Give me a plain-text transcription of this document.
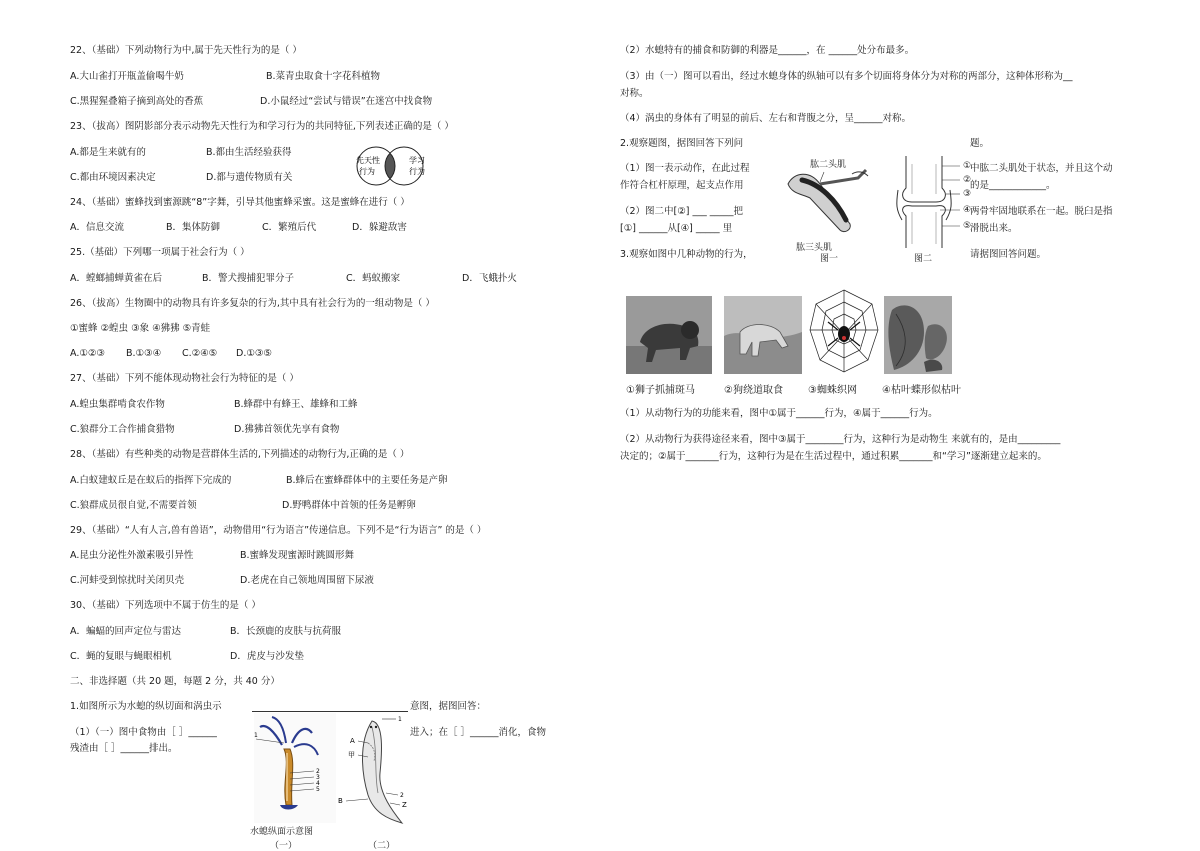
22、（基础）下列动物行为中,属于先天性行为的是（ ）
A.大山雀打开瓶盖偷喝牛奶	B.菜青虫取食十字花科植物
C.黑猩猩叠箱子摘到高处的香蕉	D.小鼠经过“尝试与错误”在迷宫中找食物
23、（拔高）图阴影部分表示动物先天性行为和学习行为的共同特征,下列表述正确的是（ ）
A.都是生来就有的	B.都由生活经验获得
C.都由环境因素决定	D.都与遗传物质有关
先天性
行为
学习
行为
24、（基础）蜜蜂找到蜜源跳“8”字舞，引导其他蜜蜂采蜜。这是蜜蜂在进行（ ）
A．信息交流	B．集体防御	C．繁殖后代	D．躲避敌害
25.（基础）下列哪一项属于社会行为（ ）
A．螳螂捕蝉黄雀在后	B．警犬搜捕犯罪分子	C．蚂蚁搬家	D．飞蛾扑火
26、（拔高）生物圈中的动物具有许多复杂的行为,其中具有社会行为的一组动物是（ ）
①蜜蜂 ②蝗虫 ③象 ④狒狒 ⑤青蛙
A.①②③ B.①③④ C.②④⑤ D.①③⑤
27、（基础）下列不能体现动物社会行为特征的是（ ）
A.蝗虫集群啃食农作物	B.蜂群中有蜂王、雄蜂和工蜂
C.狼群分工合作捕食猎物	D.狒狒首领优先享有食物
28、（基础）有些种类的动物是营群体生活的,下列描述的动物行为,正确的是（ ）
A.白蚁建蚁丘是在蚁后的指挥下完成的	B.蜂后在蜜蜂群体中的主要任务是产卵
C.狼群成员很自觉,不需要首领	D.野鸭群体中首领的任务是孵卵
29、（基础）“人有人言,兽有兽语”，动物借用“行为语言”传递信息。下列不是“行为语言” 的是（ ）
A.昆虫分泌性外激素吸引异性	B.蜜蜂发现蜜源时跳圆形舞
C.河蚌受到惊扰时关闭贝壳	D.老虎在自己领地周围留下尿液
30、（基础）下列选项中不属于仿生的是（ ）
A．蝙蝠的回声定位与雷达	B．长颈鹿的皮肤与抗荷服
C．蝇的复眼与蝇眼相机	D．虎皮与沙发垫
二、非选择题（共 20 题，每题 2 分，共 40 分）
1.如图所示为水螅的纵切面和涡虫示	意图，据图回答：
（1）（一）图中食物由［ ］______	进入；在［ ］______消化，食物
残渣由［ ］______排出。
1
2
3
4
5
水螅纵面示意图
（一）
A
甲
B
1
2
Z
（二）
（2）水螅特有的捕食和防御的利器是______，在 ______处分布最多。
（3）由（一）图可以看出，经过水螅身体的纵轴可以有多个切面将身体分为对称的两部分，这种体形称为__
对称。
（4）涡虫的身体有了明显的前后、左右和背腹之分，呈______对称。
2.观察题图，据图回答下列问	题。
（1）图一表示动作，在此过程	中肱二头肌处于状态，并且这个动
作符合杠杆原理，起支点作用	的是____________。
（2）图二中[②] ___ _____把	两骨牢固地联系在一起。脱臼是指
[①] ______从[④] _____ 里	滑脱出来。
肱二头肌
肱三头肌
图一
①
②
③
④
⑤
图二
3.观察如图中几种动物的行为，	请据图回答问题。
①狮子抓捕斑马	②狗绕道取食	③蜘蛛织网	④枯叶蝶形似枯叶
（1）从动物行为的功能来看，图中①属于______行为，④属于______行为。
（2）从动物行为获得途径来看，图中③属于________行为，这种行为是动物生 来就有的，是由_________
决定的；②属于_______行为，这种行为是在生活过程中，通过积累_______和“学习”逐渐建立起来的。
